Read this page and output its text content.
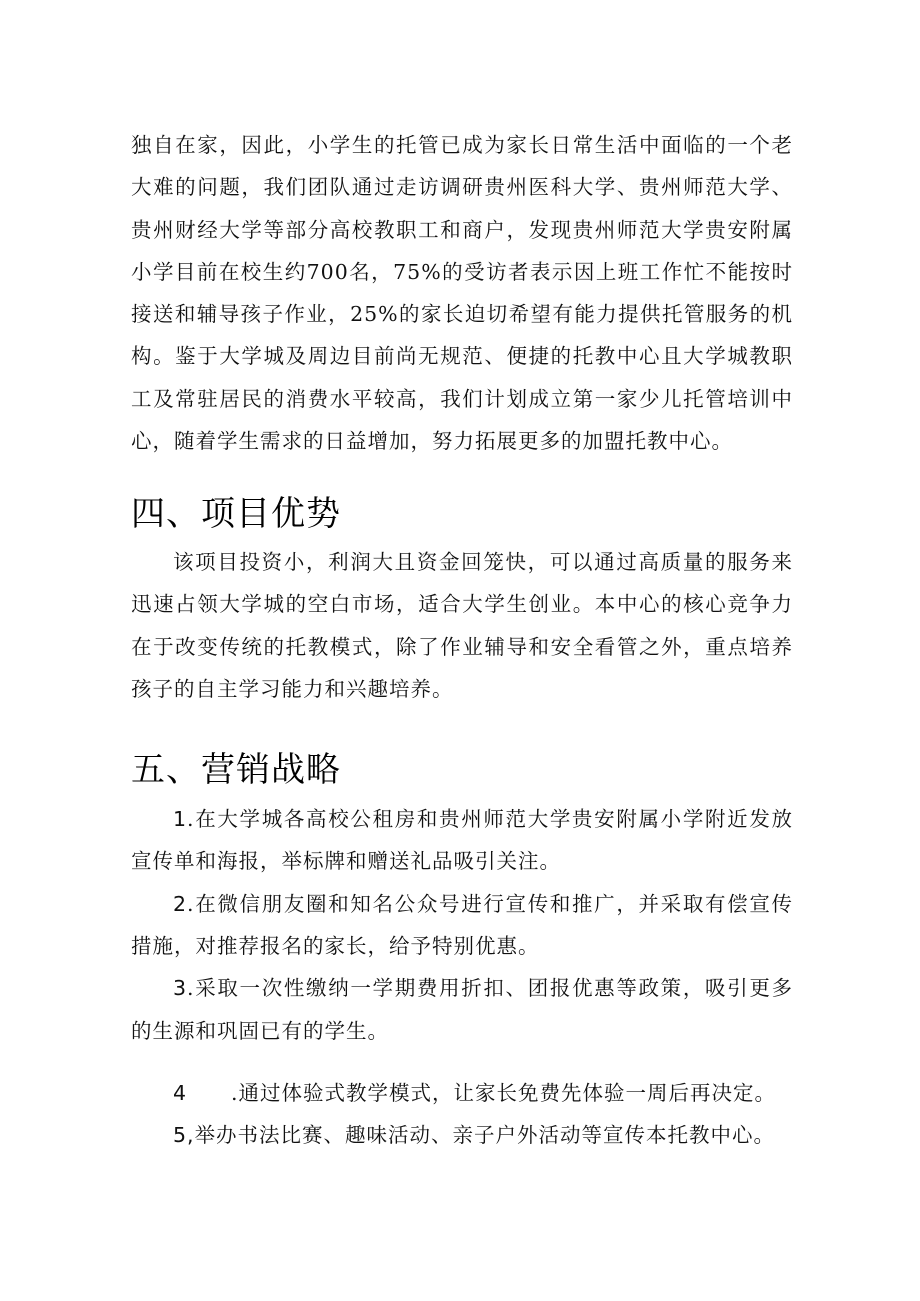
独自在家，因此，小学生的托管已成为家长日常生活中面临的一个老大难的问题，我们团队通过走访调研贵州医科大学、贵州师范大学、贵州财经大学等部分高校教职工和商户，发现贵州师范大学贵安附属小学目前在校生约700名，75%的受访者表示因上班工作忙不能按时接送和辅导孩子作业，25%的家长迫切希望有能力提供托管服务的机构。鉴于大学城及周边目前尚无规范、便捷的托教中心且大学城教职工及常驻居民的消费水平较高，我们计划成立第一家少儿托管培训中心，随着学生需求的日益增加，努力拓展更多的加盟托教中心。

四、项目优势

该项目投资小，利润大且资金回笼快，可以通过高质量的服务来迅速占领大学城的空白市场，适合大学生创业。本中心的核心竞争力在于改变传统的托教模式，除了作业辅导和安全看管之外，重点培养孩子的自主学习能力和兴趣培养。

五、营销战略

1.在大学城各高校公租房和贵州师范大学贵安附属小学附近发放宣传单和海报，举标牌和赠送礼品吸引关注。

2.在微信朋友圈和知名公众号进行宣传和推广，并采取有偿宣传措施，对推荐报名的家长，给予特别优惠。

3.采取一次性缴纳一学期费用折扣、团报优惠等政策，吸引更多的生源和巩固已有的学生。

4 .通过体验式教学模式，让家长免费先体验一周后再决定。

5,举办书法比赛、趣味活动、亲子户外活动等宣传本托教中心。
